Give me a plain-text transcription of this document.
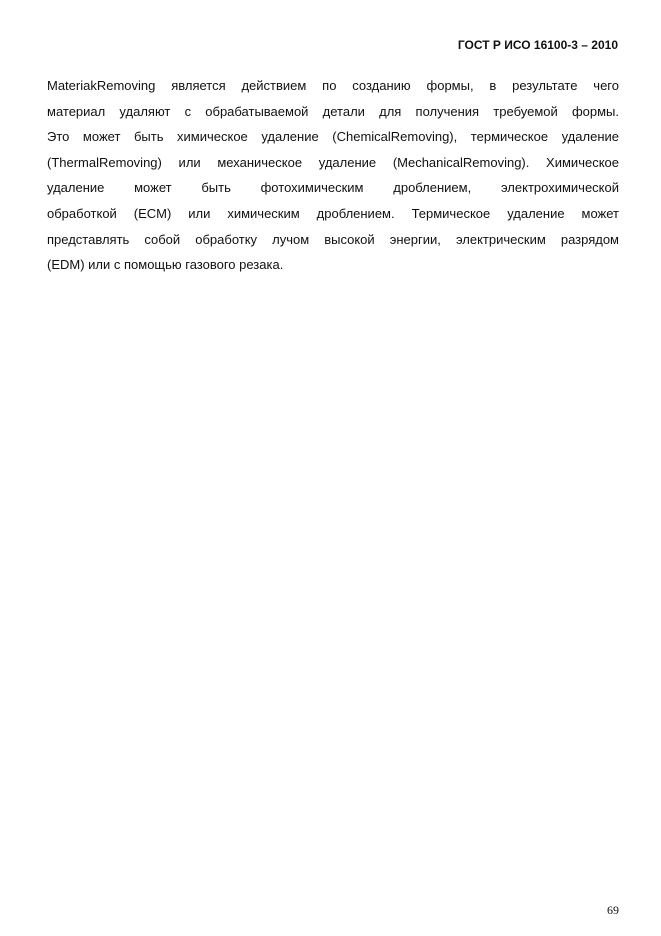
ГОСТ Р ИСО 16100-3 – 2010
MateriakRemoving является действием по созданию формы, в результате чего
материал удаляют с обрабатываемой детали для получения требуемой формы.
Это может быть химическое удаление (ChemicalRemoving), термическое удаление
(ThermalRemoving) или механическое удаление (MechanicalRemoving). Химическое
удаление может быть фотохимическим дроблением, электрохимической
обработкой (ECM) или химическим дроблением. Термическое удаление может
представлять собой обработку лучом высокой энергии, электрическим разрядом
(EDM) или с помощью газового резака.
69
